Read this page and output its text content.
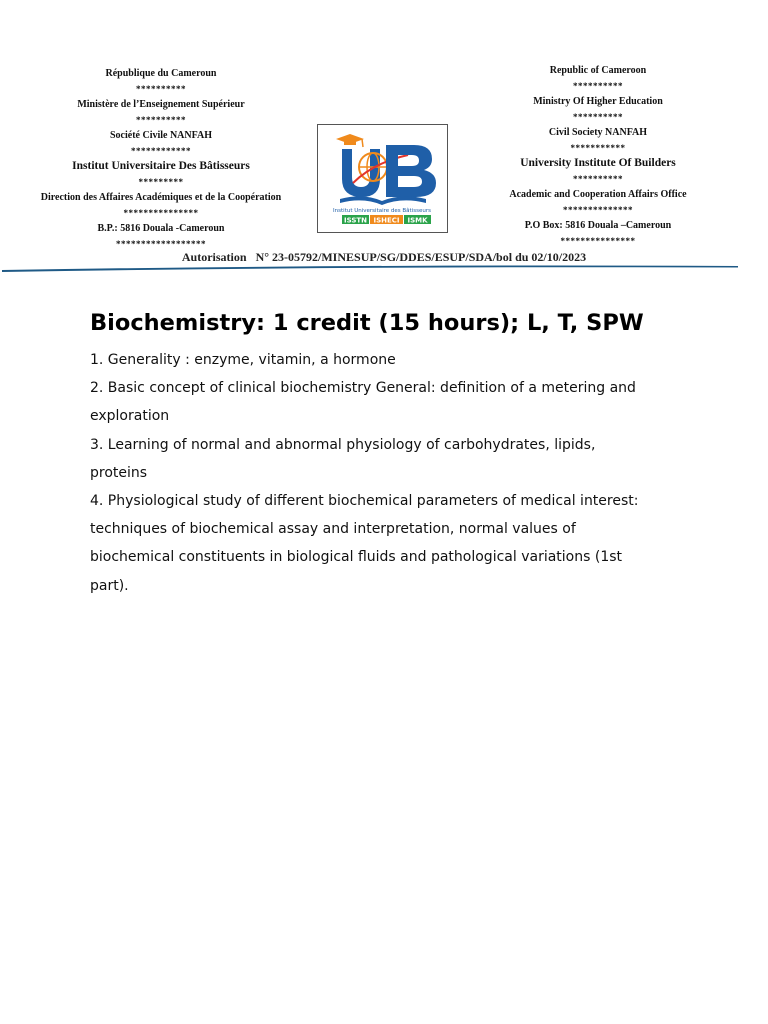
République du Cameroun
**********
Ministère de l’Enseignement Supérieur
**********
Société Civile NANFAH
************
Institut Universitaire Des Bâtisseurs
*********
Direction des Affaires Académiques et de la Coopération
***************
B.P.: 5816 Douala -Cameroun
******************
Institut Universitaire des Bâtisseurs
ISSTN ISHECI ISMK
Republic of Cameroon
**********
Ministry Of Higher Education
**********
Civil Society NANFAH
***********
University Institute Of Builders
**********
Academic and Cooperation Affairs Office
**************
P.O Box: 5816 Douala –Cameroun
***************
Autorisation N° 23-05792/MINESUP/SG/DDES/ESUP/SDA/bol du 02/10/2023
Biochemistry: 1 credit (15 hours); L, T, SPW

1. Generality : enzyme, vitamin, a hormone

2. Basic concept of clinical biochemistry General: definition of a metering and exploration

3. Learning of normal and abnormal physiology of carbohydrates, lipids, proteins

4. Physiological study of different biochemical parameters of medical interest: techniques of biochemical assay and interpretation, normal values of biochemical constituents in biological fluids and pathological variations (1st part).
